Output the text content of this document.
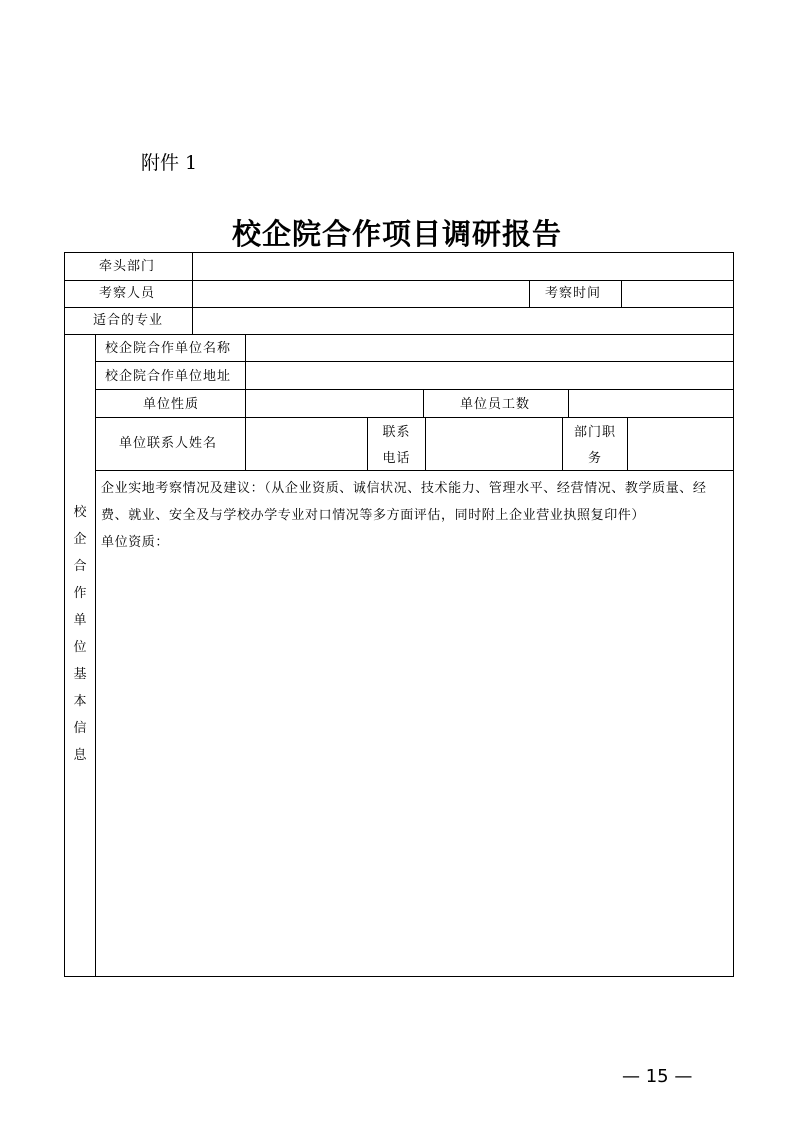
附件 1
校企院合作项目调研报告
牵头部门
考察人员	考察时间
适合的专业
校
企
合
作
单
位
基
本
信
息
校企院合作单位名称
校企院合作单位地址
单位性质	单位员工数
单位联系人姓名
联系
电话
部门职
务

企业实地考察情况及建议：（从企业资质、诚信状况、技术能力、管理水平、经营情况、教学质量、经费、就业、安全及与学校办学专业对口情况等多方面评估，同时附上企业营业执照复印件）

单位资质：

— 15 —
